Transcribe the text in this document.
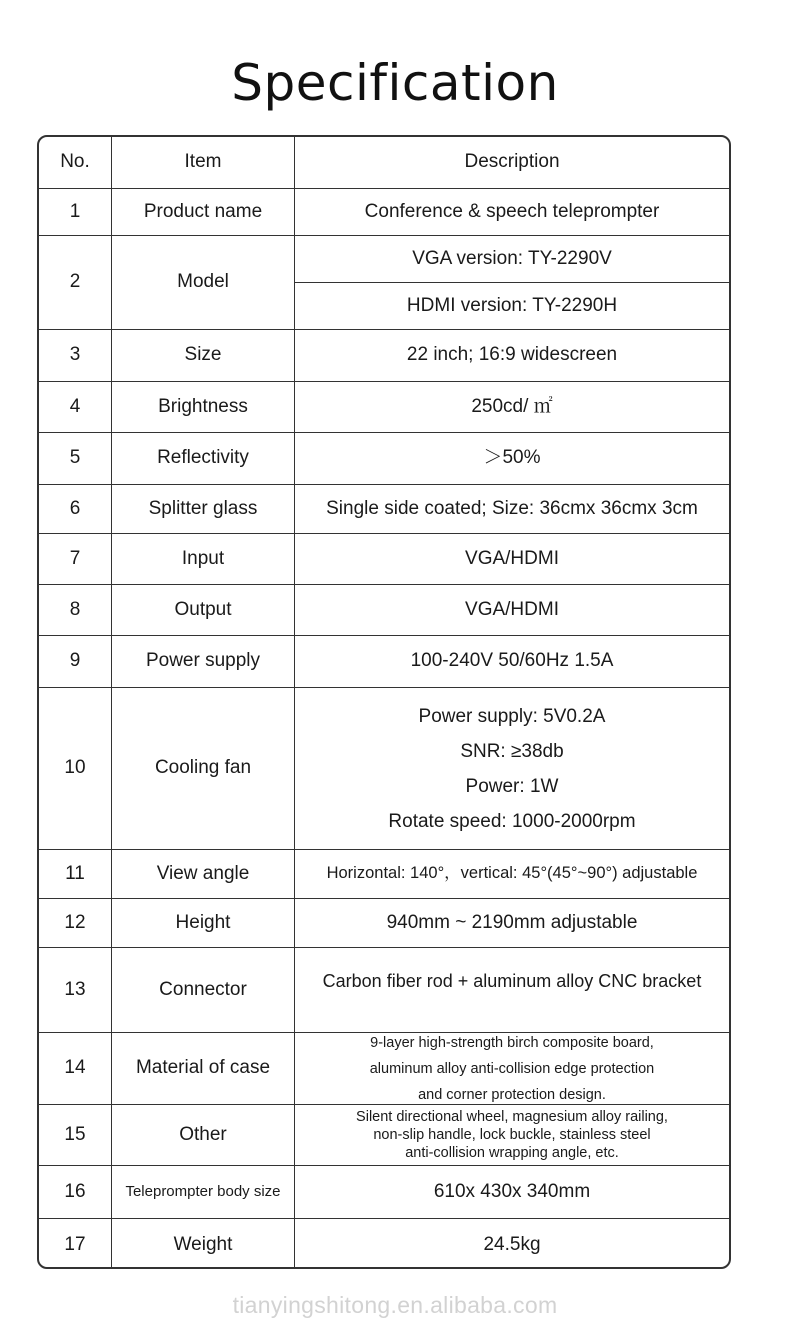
Specification
No.	Item	Description
1	Product name	Conference & speech teleprompter
2	Model
VGA version: TY-2290V
HDMI version: TY-2290H
3	Size	22 inch; 16:9 widescreen
4	Brightness	250cd/ ㎡
5	Reflectivity	＞50%
6	Splitter glass	Single side coated; Size: 36cmx 36cmx 3cm
7	Input	VGA/HDMI
8	Output	VGA/HDMI
9	Power supply	100-240V 50/60Hz 1.5A
10	Cooling fan
Power supply: 5V0.2A
SNR: ≥38db
Power: 1W
Rotate speed: 1000-2000rpm
11	View angle	Horizontal: 140°，vertical: 45°(45°~90°) adjustable
12	Height	940mm ~ 2190mm adjustable
13	Connector	Carbon fiber rod + aluminum alloy CNC bracket
14	Material of case
9-layer high-strength birch composite board,
aluminum alloy anti-collision edge protection
and corner protection design.
15	Other
Silent directional wheel, magnesium alloy railing,
non-slip handle, lock buckle, stainless steel
anti-collision wrapping angle, etc.
16	Teleprompter body size	610x 430x 340mm
17	Weight	24.5kg
tianyingshitong.en.alibaba.com
